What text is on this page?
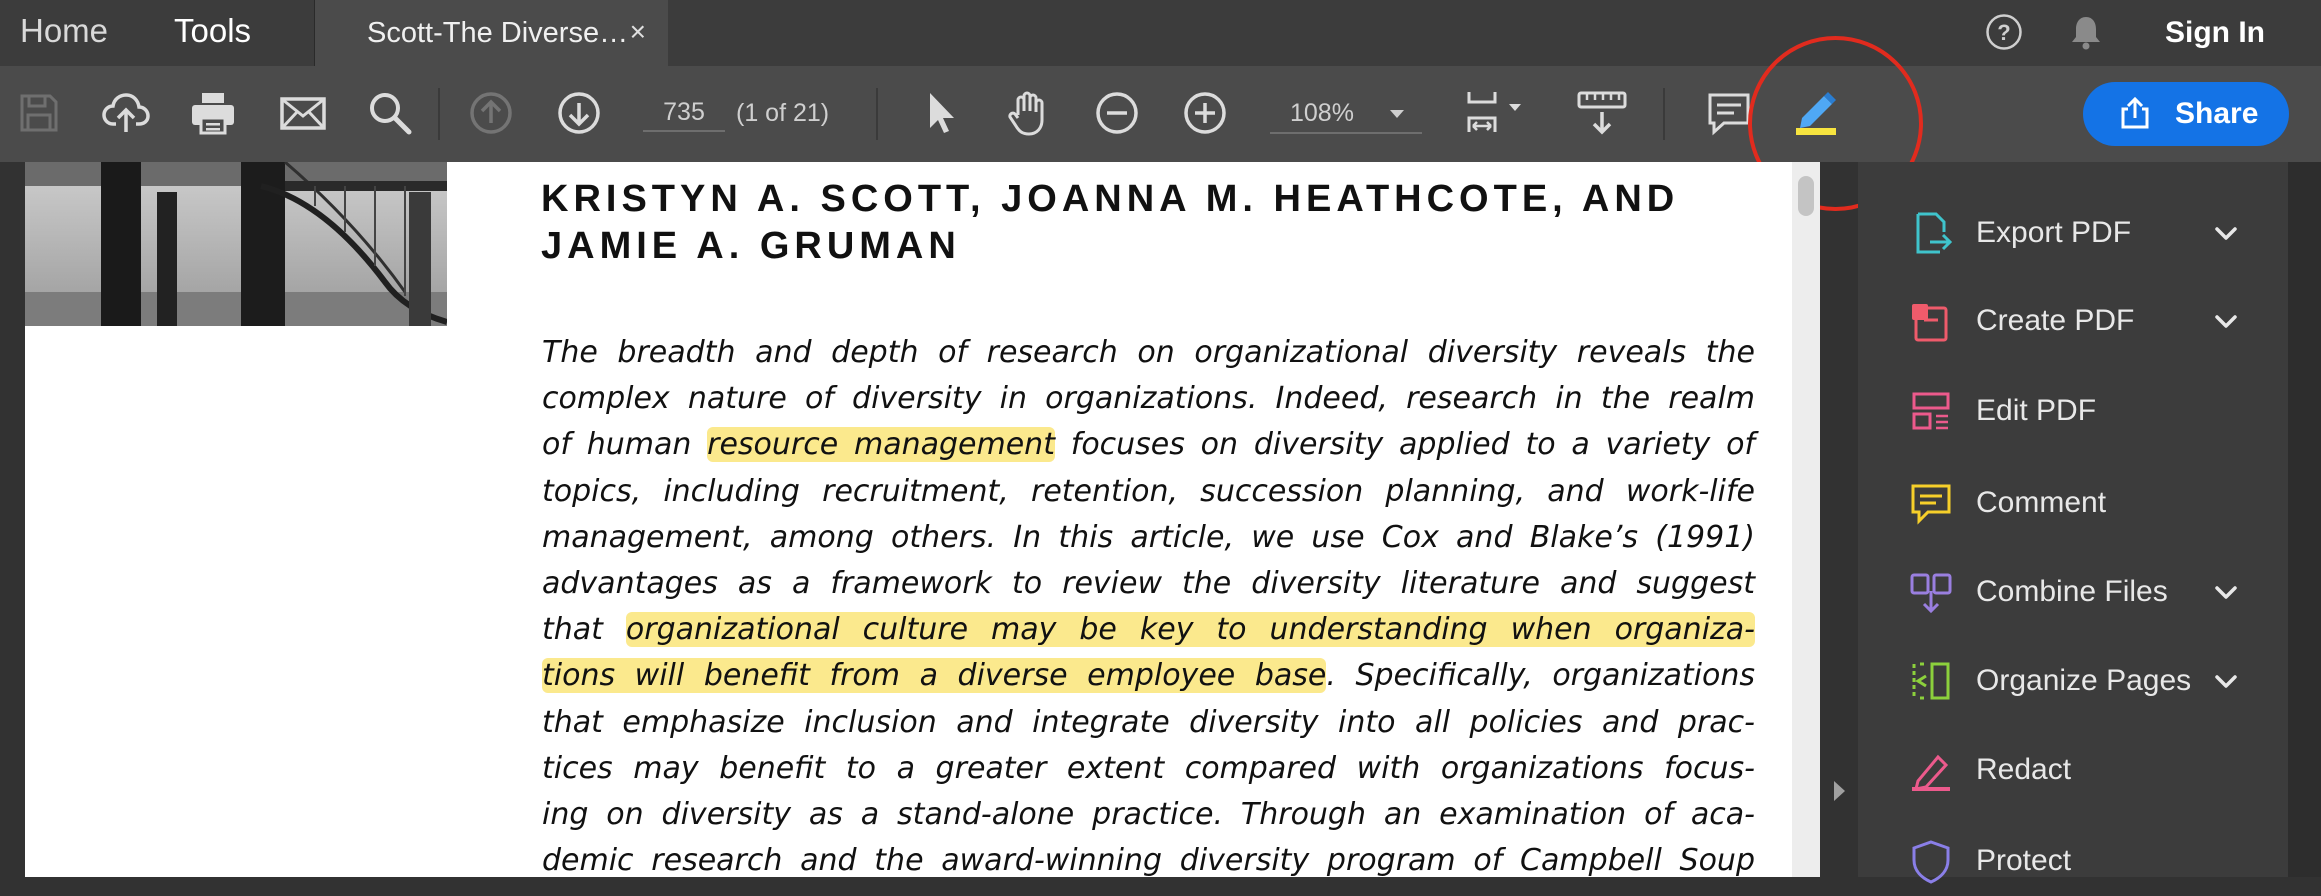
Home Tools	Scott-The Diverse… ×	?	Sign In
735
(1 of 21)	108%	Share
KRISTYN A. SCOTT, JOANNA M. HEATHCOTE, AND
JAMIE A. GRUMAN
The breadth and depth of research on organizational diversity reveals the
complex nature of diversity in organizations. Indeed, research in the realm
of human resource management focuses on diversity applied to a variety of
topics, including recruitment, retention, succession planning, and work-life
management, among others. In this article, we use Cox and Blake’s (1991)
advantages as a framework to review the diversity literature and suggest
that organizational culture may be key to understanding when organiza-
tions will benefit from a diverse employee base. Specifically, organizations
that emphasize inclusion and integrate diversity into all policies and prac-
tices may benefit to a greater extent compared with organizations focus-
ing on diversity as a stand-alone practice. Through an examination of aca-
demic research and the award-winning diversity program of Campbell Soup
Export PDF
Create PDF
Edit PDF
Comment
Combine Files
Organize Pages
Redact
Protect
